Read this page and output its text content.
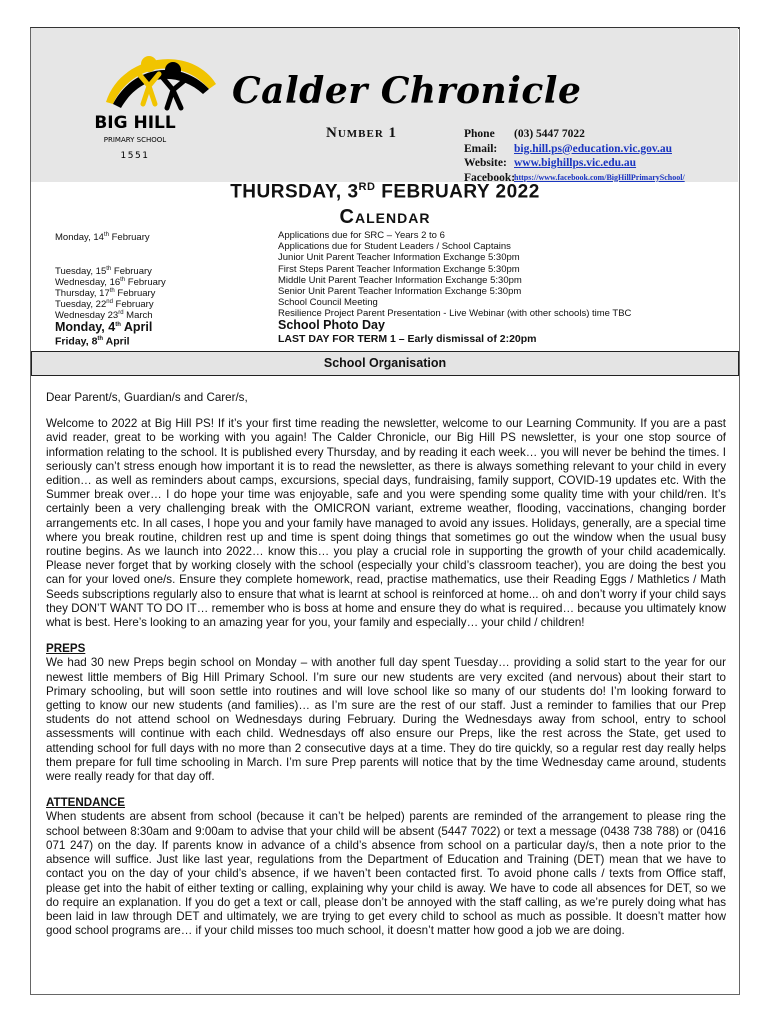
BIG HILL
PRIMARY SCHOOL
1551
Calder Chronicle
Number 1	Phone	(03) 5447 7022
Email:	big.hill.ps@education.vic.gov.au
Website: www.bighillps.vic.edu.au
Facebook:
https://www.facebook.com/BigHillPrimarySchool/
THURSDAY, 3RD FEBRUARY 2022
Calendar
Monday, 14th February	Applications due for SRC – Years 2 to 6
Applications due for Student Leaders / School Captains
Junior Unit Parent Teacher Information Exchange 5:30pm
Tuesday, 15th February	First Steps Parent Teacher Information Exchange 5:30pm
Wednesday, 16th February	Middle Unit Parent Teacher Information Exchange 5:30pm
Thursday, 17th February	Senior Unit Parent Teacher Information Exchange 5:30pm
Tuesday, 22nd February	School Council Meeting
Wednesday 23rd March	Resilience Project Parent Presentation - Live Webinar (with other schools) time TBC
Monday, 4th April	School Photo Day
Friday, 8th April	LAST DAY FOR TERM 1 – Early dismissal of 2:20pm
School Organisation

Dear Parent/s, Guardian/s and Carer/s,

Welcome to 2022 at Big Hill PS! If it’s your first time reading the newsletter, welcome to our Learning Community. If you are a past avid reader, great to be working with you again! The Calder Chronicle, our Big Hill PS newsletter, is your one stop source of information relating to the school. It is published every Thursday, and by reading it each week… you will never be behind the times. I seriously can’t stress enough how important it is to read the newsletter, as there is always something relevant to your child in every edition… as well as reminders about camps, excursions, special days, fundraising, family support, COVID-19 updates etc. With the Summer break over… I do hope your time was enjoyable, safe and you were spending some quality time with your child/ren. It’s certainly been a very challenging break with the OMICRON variant, extreme weather, flooding, vaccinations, changing border arrangements etc. In all cases, I hope you and your family have managed to avoid any issues. Holidays, generally, are a special time where you break routine, children rest up and time is spent doing things that sometimes go out the window when the usual busy routine begins. As we launch into 2022… know this… you play a crucial role in supporting the growth of your child academically. Please never forget that by working closely with the school (especially your child’s classroom teacher), you are doing the best you can for your loved one/s. Ensure they complete homework, read, practise mathematics, use their Reading Eggs / Mathletics / Math Seeds subscriptions regularly also to ensure that what is learnt at school is reinforced at home... oh and don’t worry if your child says they DON’T WANT TO DO IT… remember who is boss at home and ensure they do what is required… because you ultimately know what is best. Here’s looking to an amazing year for you, your family and especially… your child / children!

PREPS

We had 30 new Preps begin school on Monday – with another full day spent Tuesday… providing a solid start to the year for our newest little members of Big Hill Primary School. I’m sure our new students are very excited (and nervous) about their start to Primary schooling, but will soon settle into routines and will love school like so many of our students do! I’m looking forward to getting to know our new students (and families)… as I’m sure are the rest of our staff. Just a reminder to families that our Prep students do not attend school on Wednesdays during February. During the Wednesdays away from school, entry to school assessments will continue with each child. Wednesdays off also ensure our Preps, like the rest across the State, get used to attending school for full days with no more than 2 consecutive days at a time. They do tire quickly, so a regular rest day really helps them prepare for full time schooling in March. I’m sure Prep parents will notice that by the time Wednesday came around, students were really ready for that day off.

ATTENDANCE

When students are absent from school (because it can’t be helped) parents are reminded of the arrangement to please ring the school between 8:30am and 9:00am to advise that your child will be absent (5447 7022) or text a message (0438 738 788) or (0416 071 247) on the day. If parents know in advance of a child’s absence from school on a particular day/s, then a note prior to the absence will suffice. Just like last year, regulations from the Department of Education and Training (DET) mean that we have to contact you on the day of your child’s absence, if we haven’t been contacted first. To avoid phone calls / texts from Office staff, please get into the habit of either texting or calling, explaining why your child is away. We have to code all absences for DET, so we do require an explanation. If you do get a text or call, please don’t be annoyed with the staff calling, as we’re purely doing what has been laid in law through DET and ultimately, we are trying to get every child to school as much as possible. It doesn’t matter how good school programs are… if your child misses too much school, it doesn’t matter how good a job we are doing.
